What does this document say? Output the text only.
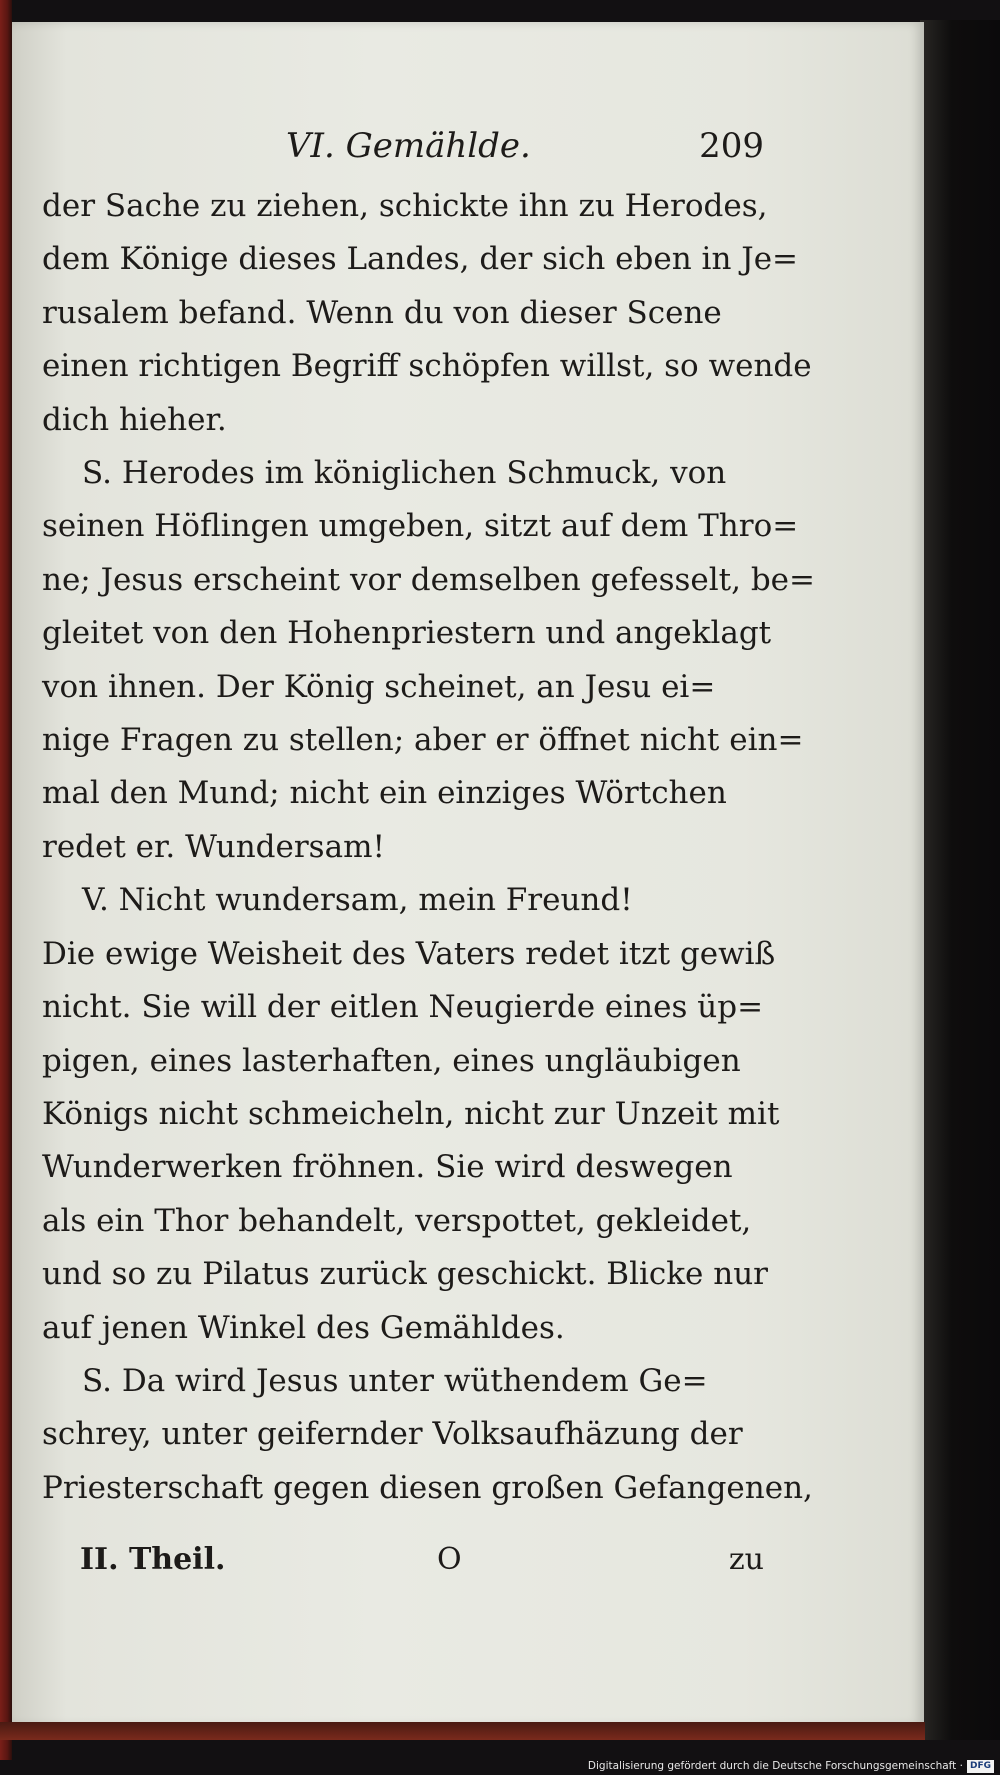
VI. Gemählde.	209
der Sache zu ziehen, schickte ihn zu Herodes,
dem Könige dieses Landes, der sich eben in Je=
rusalem befand. Wenn du von dieser Scene
einen richtigen Begriff schöpfen willst, so wende
dich hieher.
S. Herodes im königlichen Schmuck, von
seinen Höflingen umgeben, sitzt auf dem Thro=
ne; Jesus erscheint vor demselben gefesselt, be=
gleitet von den Hohenpriestern und angeklagt
von ihnen. Der König scheinet, an Jesu ei=
nige Fragen zu stellen; aber er öffnet nicht ein=
mal den Mund; nicht ein einziges Wörtchen
redet er. Wundersam!
V. Nicht wundersam, mein Freund!
Die ewige Weisheit des Vaters redet itzt gewiß
nicht. Sie will der eitlen Neugierde eines üp=
pigen, eines lasterhaften, eines ungläubigen
Königs nicht schmeicheln, nicht zur Unzeit mit
Wunderwerken fröhnen. Sie wird deswegen
als ein Thor behandelt, verspottet, gekleidet,
und so zu Pilatus zurück geschickt. Blicke nur
auf jenen Winkel des Gemähldes.
S. Da wird Jesus unter wüthendem Ge=
schrey, unter geifernder Volksaufhäzung der
Priesterschaft gegen diesen großen Gefangenen,
II. Theil.	O	zu
Digitalisierung gefördert durch die Deutsche Forschungsgemeinschaft · DFG
